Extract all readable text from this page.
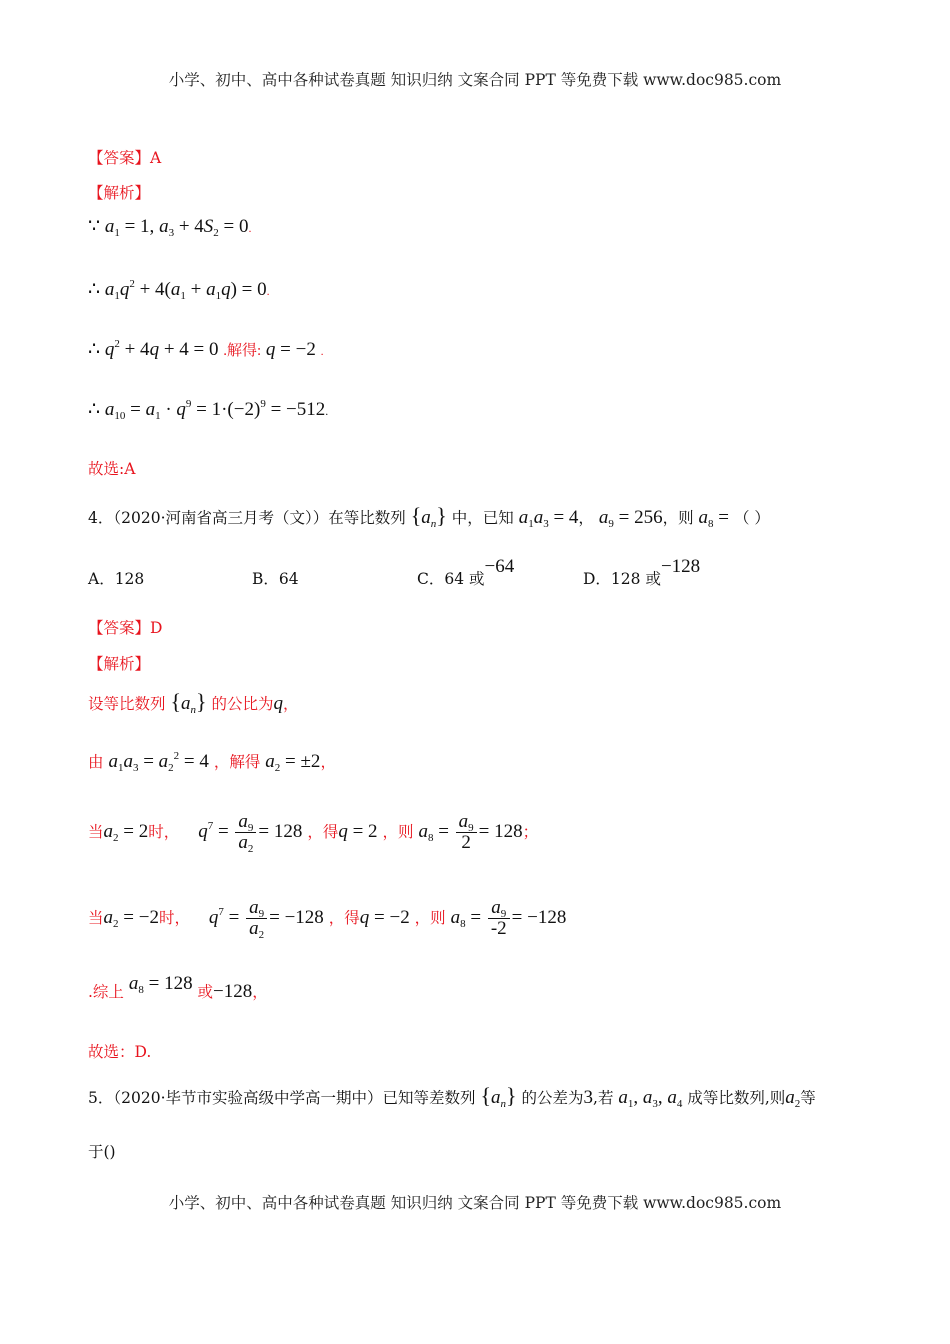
小学、初中、高中各种试卷真题 知识归纳 文案合同 PPT 等免费下载 www.doc985.com
【答案】A
【解析】
∵ $a_1 = 1$, $a_3 + 4S_2 = 0$.
∴ $a_1q^2 + 4(a_1 + a_1q) = 0$.
∴ $q^2 + 4q + 4 = 0$ .解得: q = −2 .
∴ $a_{10} = a_1 \cdot q^9 = 1\cdot(-2)^9 = -512$.
故选:A
4．（2020·河南省高三月考（文））在等比数列 $\{a_n\}$ 中，已知 $a_1a_3 = 4$， $a_9 = 256$，则 $a_8$ = （ ）
A．128	B．64	C．64 或−64
D．128 或−128
【答案】D
【解析】
设等比数列 $\{a_n\}$ 的公比为q，
由 $a_1a_3 = a_2^2 = 4$ ，解得 $a_2 = \pm 2$，
当$a_2 = 2$时， $q^7 = \frac{a_9}{a_2} = 128$ ，得q = 2 ，则 $a_8 = \frac{a_9}{2} = 128$；
当$a_2 = -2$时， $q^7 = \frac{a_9}{a_2} = -128$ ，得q = −2 ，则 $a_8 = \frac{a_9}{-2} = -128$
.综上 $a_8 = 128$ 或−128，
故选：D.
5．（2020·毕节市实验高级中学高一期中）已知等差数列 $\{a_n\}$ 的公差为3,若 $a_1$, $a_3$, $a_4$ 成等比数列,则$a_2$等
于()
小学、初中、高中各种试卷真题 知识归纳 文案合同 PPT 等免费下载 www.doc985.com
